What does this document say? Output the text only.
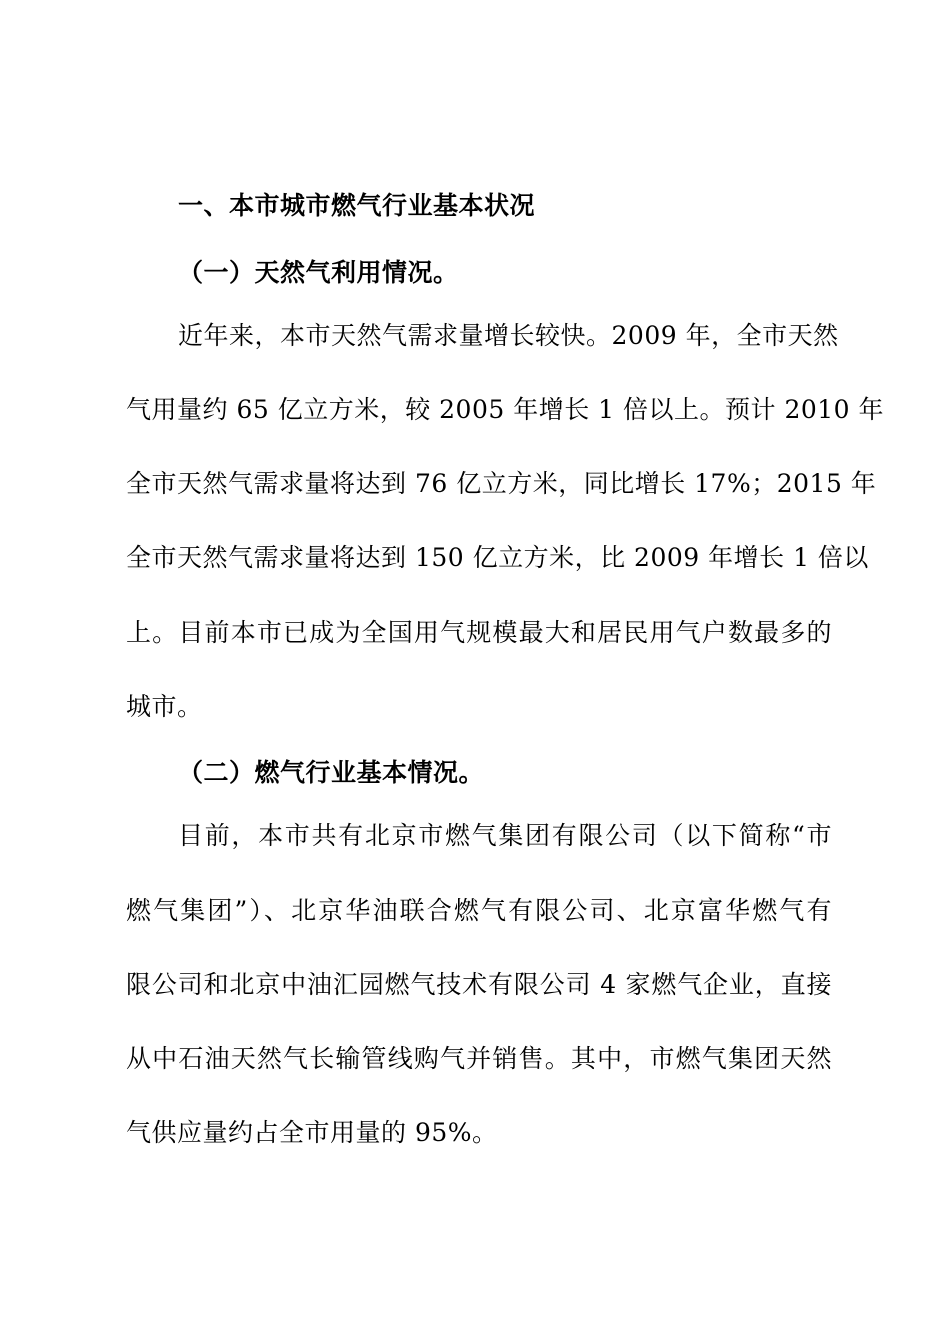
一、本市城市燃气行业基本状况
（一）天然气利用情况。
近年来，本市天然气需求量增长较快。2009 年，全市天然
气用量约 65 亿立方米，较 2005 年增长 1 倍以上。预计 2010 年
全市天然气需求量将达到 76 亿立方米，同比增长 17%；2015 年
全市天然气需求量将达到 150 亿立方米，比 2009 年增长 1 倍以
上。目前本市已成为全国用气规模最大和居民用气户数最多的
城市。
（二）燃气行业基本情况。
目前，本市共有北京市燃气集团有限公司（以下简称“市
燃气集团”）、北京华油联合燃气有限公司、北京富华燃气有
限公司和北京中油汇园燃气技术有限公司 4 家燃气企业，直接
从中石油天然气长输管线购气并销售。其中，市燃气集团天然
气供应量约占全市用量的 95%。
